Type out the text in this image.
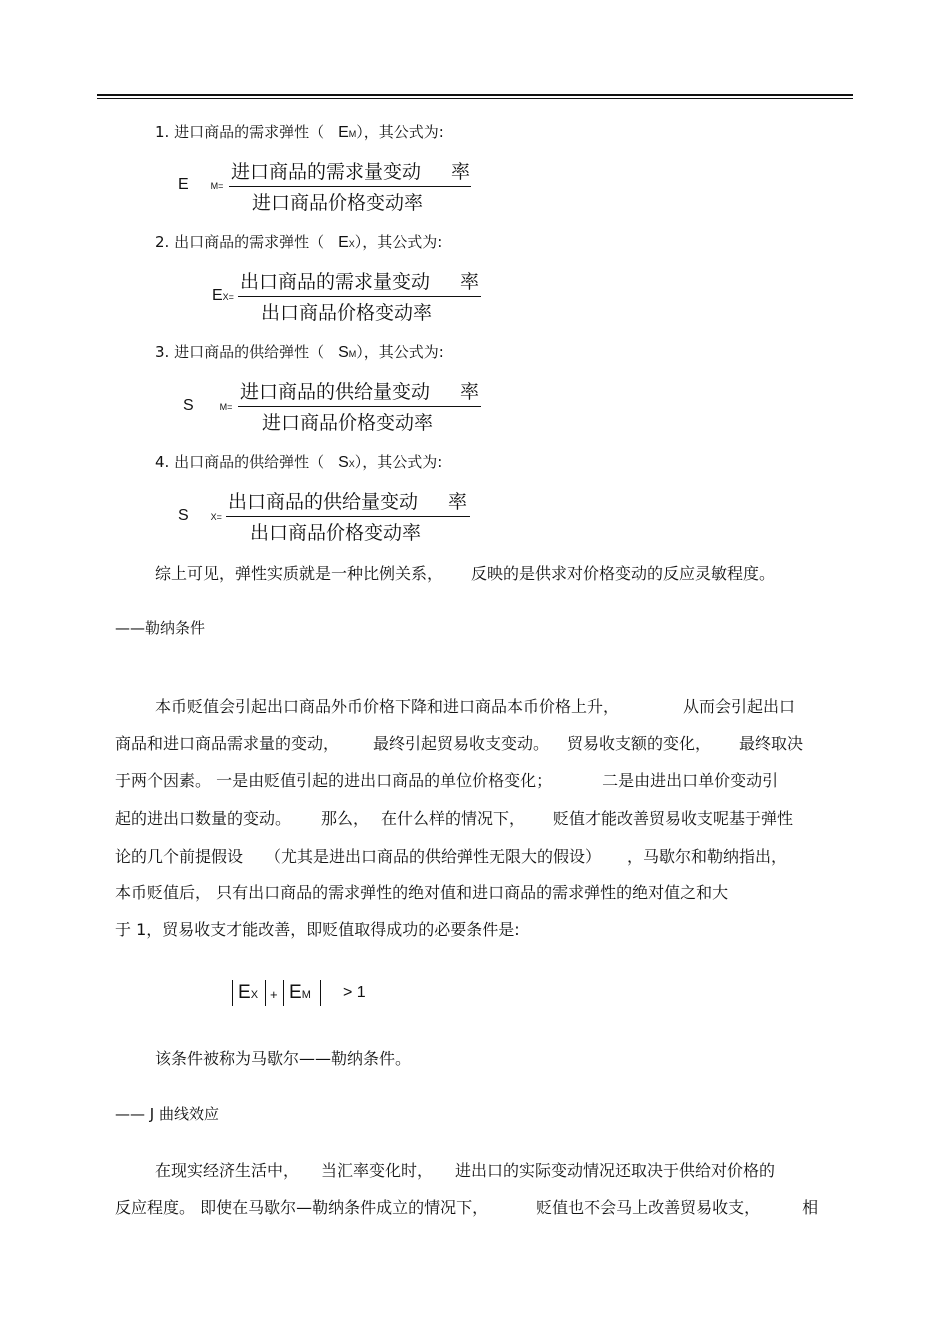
1. 进口商品的需求弹性（ EM），其公式为:
E M=
进口商品的需求量变动 率
进口商品价格变动率
2. 出口商品的需求弹性（ EX），其公式为:
EX=
出口商品的需求量变动 率
出口商品价格变动率
3. 进口商品的供给弹性（ SM），其公式为:
S	M=
进口商品的供给量变动 率
进口商品价格变动率
4. 出口商品的供给弹性（ SX），其公式为:
S X=
出口商品的供给量变动 率
出口商品价格变动率
综上可见，弹性实质就是一种比例关系， 反映的是供求对价格变动的反应灵敏程度。
——勒纳条件
本币贬值会引起出口商品外币价格下降和进口商品本币价格上升，	从而会引起出口
商品和进口商品需求量的变动， 最终引起贸易收支变动。 贸易收支额的变化， 最终取决
于两个因素。 一是由贬值引起的进出口商品的单位价格变化；	二是由进出口单价变动引
起的进出口数量的变动。 那么， 在什么样的情况下， 贬值才能改善贸易收支呢基于弹性
论的几个前提假设 （尤其是进出口商品的供给弹性无限大的假设） ，马歇尔和勒纳指出，
本币贬值后， 只有出口商品的需求弹性的绝对值和进口商品的需求弹性的绝对值之和大
于 1，贸易收支才能改善，即贬值取得成功的必要条件是:
EX + EM > 1
该条件被称为马歇尔——勒纳条件。
—— J 曲线效应
在现实经济生活中， 当汇率变化时， 进出口的实际变动情况还取决于供给对价格的
反应程度。 即使在马歇尔—勒纳条件成立的情况下，	贬值也不会马上改善贸易收支，	相
